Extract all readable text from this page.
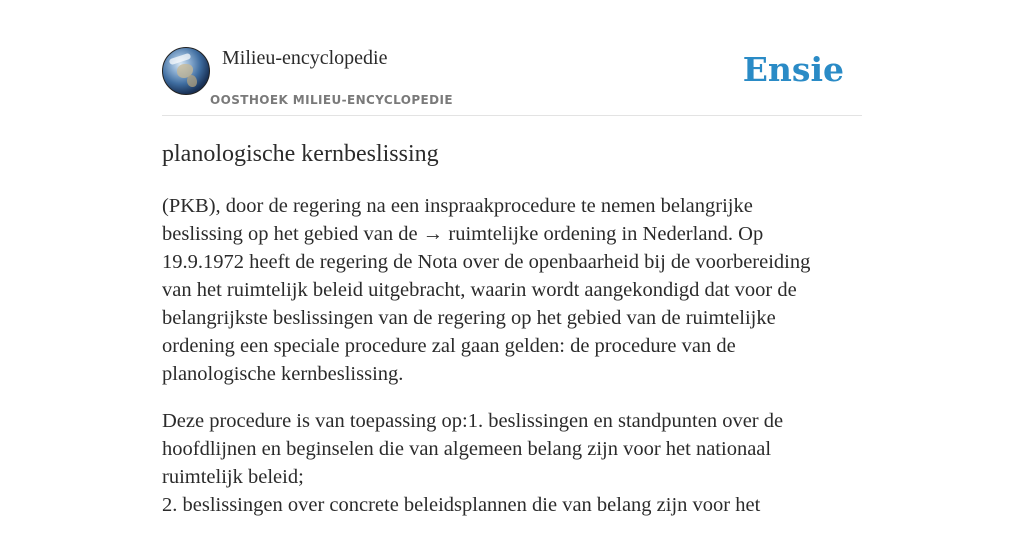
Milieu-encyclopedie
OOSTHOEK MILIEU-ENCYCLOPEDIE
Ensie
planologische kernbeslissing

(PKB), door de regering na een inspraakprocedure te nemen belangrijke
beslissing op het gebied van de → ruimtelijke ordening in Nederland. Op
19.9.1972 heeft de regering de Nota over de openbaarheid bij de voorbereiding
van het ruimtelijk beleid uitgebracht, waarin wordt aangekondigd dat voor de
belangrijkste beslissingen van de regering op het gebied van de ruimtelijke
ordening een speciale procedure zal gaan gelden: de procedure van de
planologische kernbeslissing.

Deze procedure is van toepassing op:1. beslissingen en standpunten over de
hoofdlijnen en beginselen die van algemeen belang zijn voor het nationaal
ruimtelijk beleid;
2. beslissingen over concrete beleidsplannen die van belang zijn voor het
